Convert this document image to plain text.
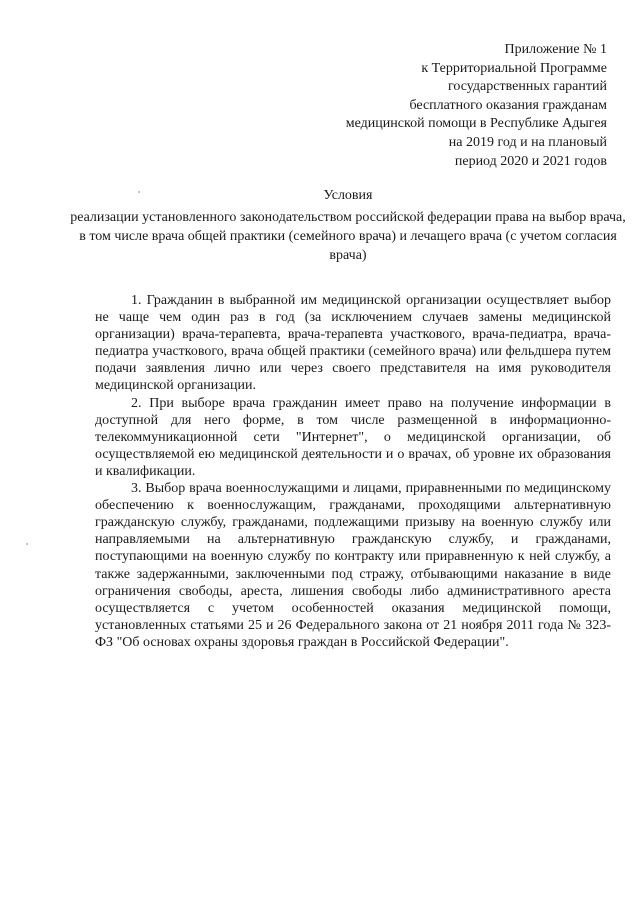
Приложение № 1
к Территориальной Программе
государственных гарантий
бесплатного оказания гражданам
медицинской помощи в Республике Адыгея
на 2019 год и на плановый
период 2020 и 2021 годов
Условия
реализации установленного законодательством российской федерации права на выбор врача, в том числе врача общей практики (семейного врача) и лечащего врача (с учетом согласия врача)

1. Гражданин в выбранной им медицинской организации осуществляет выбор не чаще чем один раз в год (за исключением случаев замены медицинской организации) врача-терапевта, врача-терапевта участкового, врача-педиатра, врача-педиатра участкового, врача общей практики (семейного врача) или фельдшера путем подачи заявления лично или через своего представителя на имя руководителя медицинской организации.

2. При выборе врача гражданин имеет право на получение информации в доступной для него форме, в том числе размещенной в информационно-телекоммуникационной сети "Интернет", о медицинской организации, об осуществляемой ею медицинской деятельности и о врачах, об уровне их образования и квалификации.

3. Выбор врача военнослужащими и лицами, приравненными по медицинскому обеспечению к военнослужащим, гражданами, проходящими альтернативную гражданскую службу, гражданами, подлежащими призыву на военную службу или направляемыми на альтернативную гражданскую службу, и гражданами, поступающими на военную службу по контракту или приравненную к ней службу, а также задержанными, заключенными под стражу, отбывающими наказание в виде ограничения свободы, ареста, лишения свободы либо административного ареста осуществляется с учетом особенностей оказания медицинской помощи, установленных статьями 25 и 26 Федерального закона от 21 ноября 2011 года № 323-ФЗ "Об основах охраны здоровья граждан в Российской Федерации".
